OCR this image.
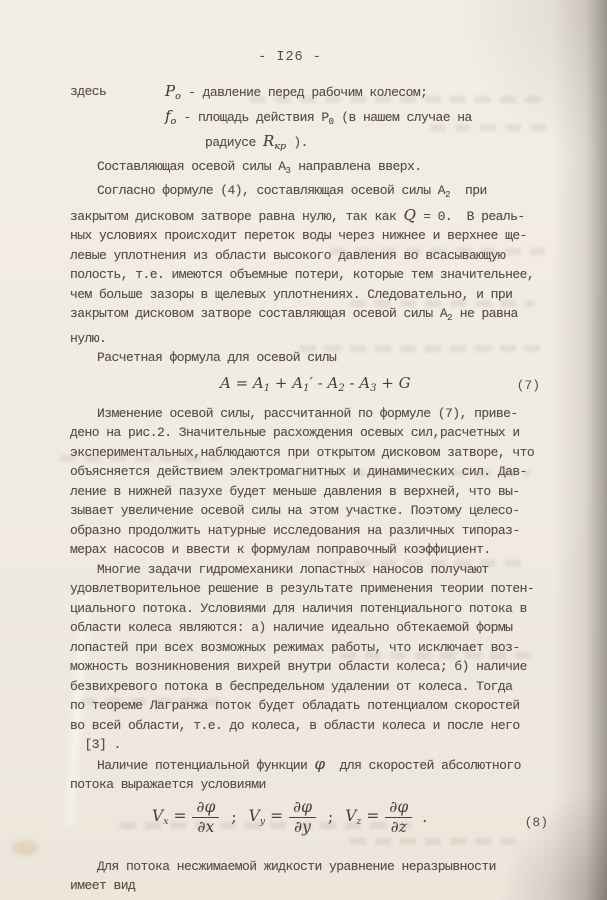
- I26 -
здесь	$P_o$ - давление перед рабочим колесом;
$f_o$ - площадь действия $P_0$ (в нашем случае на
радиусе $R_{кр}$ ).
Составляющая осевой силы $A_3$ направлена вверх.
Согласно формуле (4), составляющая осевой силы $A_2$  при
закрытом дисковом затворе равна нулю, так как Q = 0.  В реаль-
ных условиях происходит переток воды через нижнее и верхнее ще-
левые уплотнения из области высокого давления во всасывающую
полость, т.е. имеются объемные потери, которые тем значительнее,
чем больше зазоры в щелевых уплотнениях. Следовательно, и при
закрытом дисковом затворе составляющая осевой силы $A_2$ не равна
нулю.
Расчетная формула для осевой силы
$A = A_1 + A_1' - A_2 - A_3 + G$	(7)
Изменение осевой силы, рассчитанной по формуле (7), приве-
дено на рис.2. Значительные расхождения осевых сил,расчетных и
экспериментальных,наблюдаются при открытом дисковом затворе, что
объясняется действием электромагнитных и динамических сил. Дав-
ление в нижней пазухе будет меньше давления в верхней, что вы-
зывает увеличение осевой силы на этом участке. Поэтому целесо-
образно продолжить натурные исследования на различных типораз-
мерах насосов и ввести к формулам поправочный коэффициент.
Многие задачи гидромеханики лопастных наносов получают
удовлетворительное решение в результате применения теории потен-
циального потока. Условиями для наличия потенциального потока в
области колеса являются: а) наличие идеально обтекаемой формы
лопастей при всех возможных режимах работы, что исключает воз-
можность возникновения вихрей внутри области колеса; б) наличие
безвихревого потока в беспредельном удалении от колеса. Тогда
по теореме Лагранжа поток будет обладать потенциалом скоростей
во всей области, т.е. до колеса, в области колеса и после него
[3] .
Наличие потенциальной функции φ  для скоростей абсолютного
потока выражается условиями
$V_x = \frac{\partial\varphi}{\partial x}$ ; $V_y = \frac{\partial\varphi}{\partial y}$ ; $V_z = \frac{\partial\varphi}{\partial z}$ .	(8)
Для потока несжимаемой жидкости уравнение неразрывности
имеет вид
